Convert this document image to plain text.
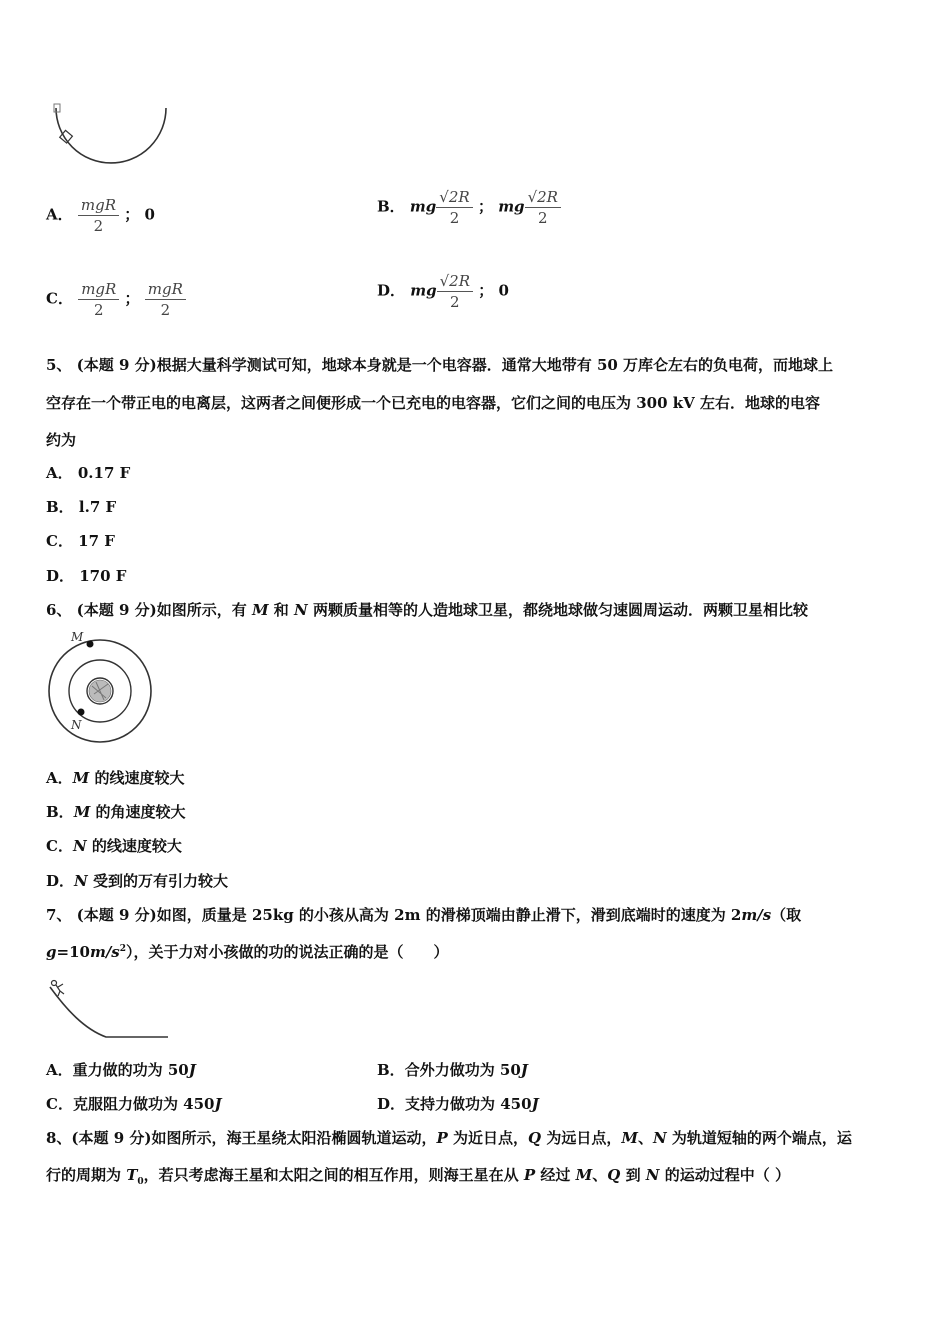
A． $\frac{\text{mgR}}{2}$ ； 0	B． mg $\frac{√2R}{2}$ ； mg $\frac{√2R}{2}$
C． $\frac{\text{mgR}}{2}$ ； $\frac{\text{mgR}}{2}$	D． mg $\frac{√2R}{2}$ ； 0
5、 (本题 9 分)根据大量科学测试可知，地球本身就是一个电容器．通常大地带有 50 万库仑左右的负电荷，而地球上
空存在一个带正电的电离层，这两者之间便形成一个已充电的电容器，它们之间的电压为 300 kV 左右．地球的电容
约为
A． 0.17 F
B． l.7 F
C． 17 F
D． 170 F
6、 (本题 9 分)如图所示，有 M 和 N 两颗质量相等的人造地球卫星，都绕地球做匀速圆周运动．两颗卫星相比较
M
N
A．M 的线速度较大
B．M 的角速度较大
C．N 的线速度较大
D．N 受到的万有引力较大
7、 (本题 9 分)如图，质量是 25kg 的小孩从高为 2m 的滑梯顶端由静止滑下，滑到底端时的速度为 2m/s（取
$g=10m/s^2$），关于力对小孩做的功的说法正确的是（　　）
A．重力做的功为 50J	B．合外力做功为 50J
C．克服阻力做功为 450J	D．支持力做功为 450J
8、(本题 9 分)如图所示，海王星绕太阳沿椭圆轨道运动，P 为近日点，Q 为远日点，M、N 为轨道短轴的两个端点，运
行的周期为 $T_0$，若只考虑海王星和太阳之间的相互作用，则海王星在从 P 经过 M、Q 到 N 的运动过程中（ ）
